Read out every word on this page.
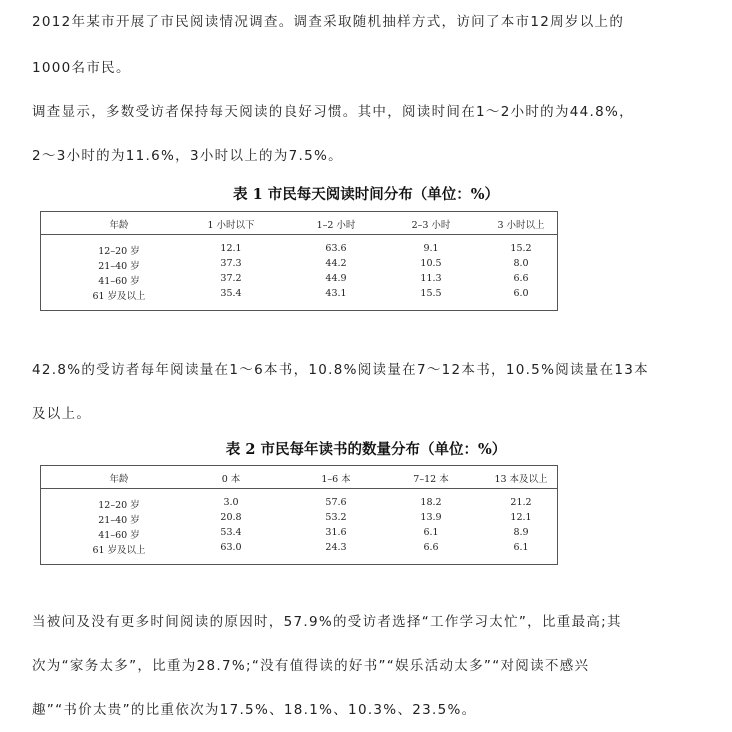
2012年某市开展了市民阅读情况调查。调查采取随机抽样方式，访问了本市12周岁以上的
1000名市民。
调查显示，多数受访者保持每天阅读的良好习惯。其中，阅读时间在1～2小时的为44.8%，
2～3小时的为11.6%，3小时以上的为7.5%。
表 1 市民每天阅读时间分布（单位：%）
年龄	1 小时以下	1–2 小时	2–3 小时	3 小时以上
12–20 岁	12.1	63.6	9.1	15.2
21–40 岁	37.3	44.2	10.5	8.0
41–60 岁	37.2	44.9	11.3	6.6
61 岁及以上	35.4	43.1	15.5	6.0
42.8%的受访者每年阅读量在1～6本书，10.8%阅读量在7～12本书，10.5%阅读量在13本
及以上。
表 2 市民每年读书的数量分布（单位：%）
年龄	0 本	1–6 本	7–12 本	13 本及以上
12–20 岁	3.0	57.6	18.2	21.2
21–40 岁	20.8	53.2	13.9	12.1
41–60 岁	53.4	31.6	6.1	8.9
61 岁及以上	63.0	24.3	6.6	6.1
当被问及没有更多时间阅读的原因时，57.9%的受访者选择“工作学习太忙”，比重最高;其
次为“家务太多”，比重为28.7%;“没有值得读的好书”“娱乐活动太多”“对阅读不感兴
趣”“书价太贵”的比重依次为17.5%、18.1%、10.3%、23.5%。
